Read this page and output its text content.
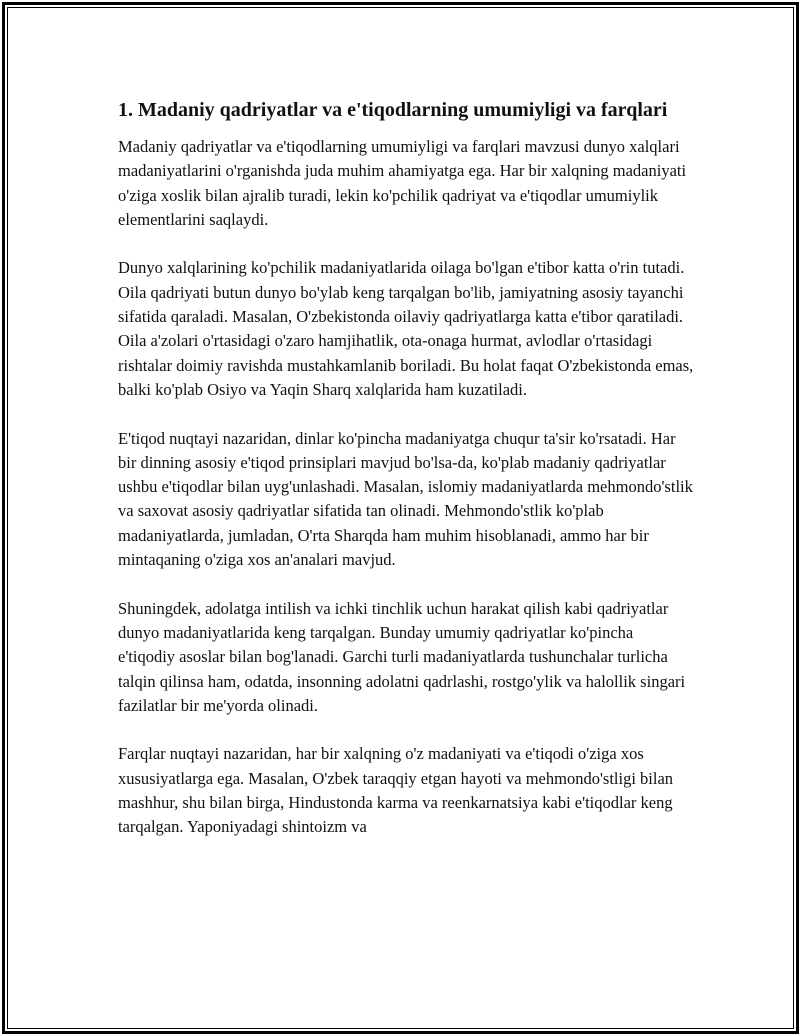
1. Madaniy qadriyatlar va e'tiqodlarning umumiyligi va farqlari

Madaniy qadriyatlar va e'tiqodlarning umumiyligi va farqlari mavzusi dunyo xalqlari madaniyatlarini o'rganishda juda muhim ahamiyatga ega. Har bir xalqning madaniyati o'ziga xoslik bilan ajralib turadi, lekin ko'pchilik qadriyat va e'tiqodlar umumiylik elementlarini saqlaydi.

Dunyo xalqlarining ko'pchilik madaniyatlarida oilaga bo'lgan e'tibor katta o'rin tutadi. Oila qadriyati butun dunyo bo'ylab keng tarqalgan bo'lib, jamiyatning asosiy tayanchi sifatida qaraladi. Masalan, O'zbekistonda oilaviy qadriyatlarga katta e'tibor qaratiladi. Oila a'zolari o'rtasidagi o'zaro hamjihatlik, ota-onaga hurmat, avlodlar o'rtasidagi rishtalar doimiy ravishda mustahkamlanib boriladi. Bu holat faqat O'zbekistonda emas, balki ko'plab Osiyo va Yaqin Sharq xalqlarida ham kuzatiladi.

E'tiqod nuqtayi nazaridan, dinlar ko'pincha madaniyatga chuqur ta'sir ko'rsatadi. Har bir dinning asosiy e'tiqod prinsiplari mavjud bo'lsa-da, ko'plab madaniy qadriyatlar ushbu e'tiqodlar bilan uyg'unlashadi. Masalan, islomiy madaniyatlarda mehmondo'stlik va saxovat asosiy qadriyatlar sifatida tan olinadi. Mehmondo'stlik ko'plab madaniyatlarda, jumladan, O'rta Sharqda ham muhim hisoblanadi, ammo har bir mintaqaning o'ziga xos an'analari mavjud.

Shuningdek, adolatga intilish va ichki tinchlik uchun harakat qilish kabi qadriyatlar dunyo madaniyatlarida keng tarqalgan. Bunday umumiy qadriyatlar ko'pincha e'tiqodiy asoslar bilan bog'lanadi. Garchi turli madaniyatlarda tushunchalar turlicha talqin qilinsa ham, odatda, insonning adolatni qadrlashi, rostgo'ylik va halollik singari fazilatlar bir me'yorda olinadi.

Farqlar nuqtayi nazaridan, har bir xalqning o'z madaniyati va e'tiqodi o'ziga xos xususiyatlarga ega. Masalan, O'zbek taraqqiy etgan hayoti va mehmondo'stligi bilan mashhur, shu bilan birga, Hindustonda karma va reenkarnatsiya kabi e'tiqodlar keng tarqalgan. Yaponiyadagi shintoizm va
